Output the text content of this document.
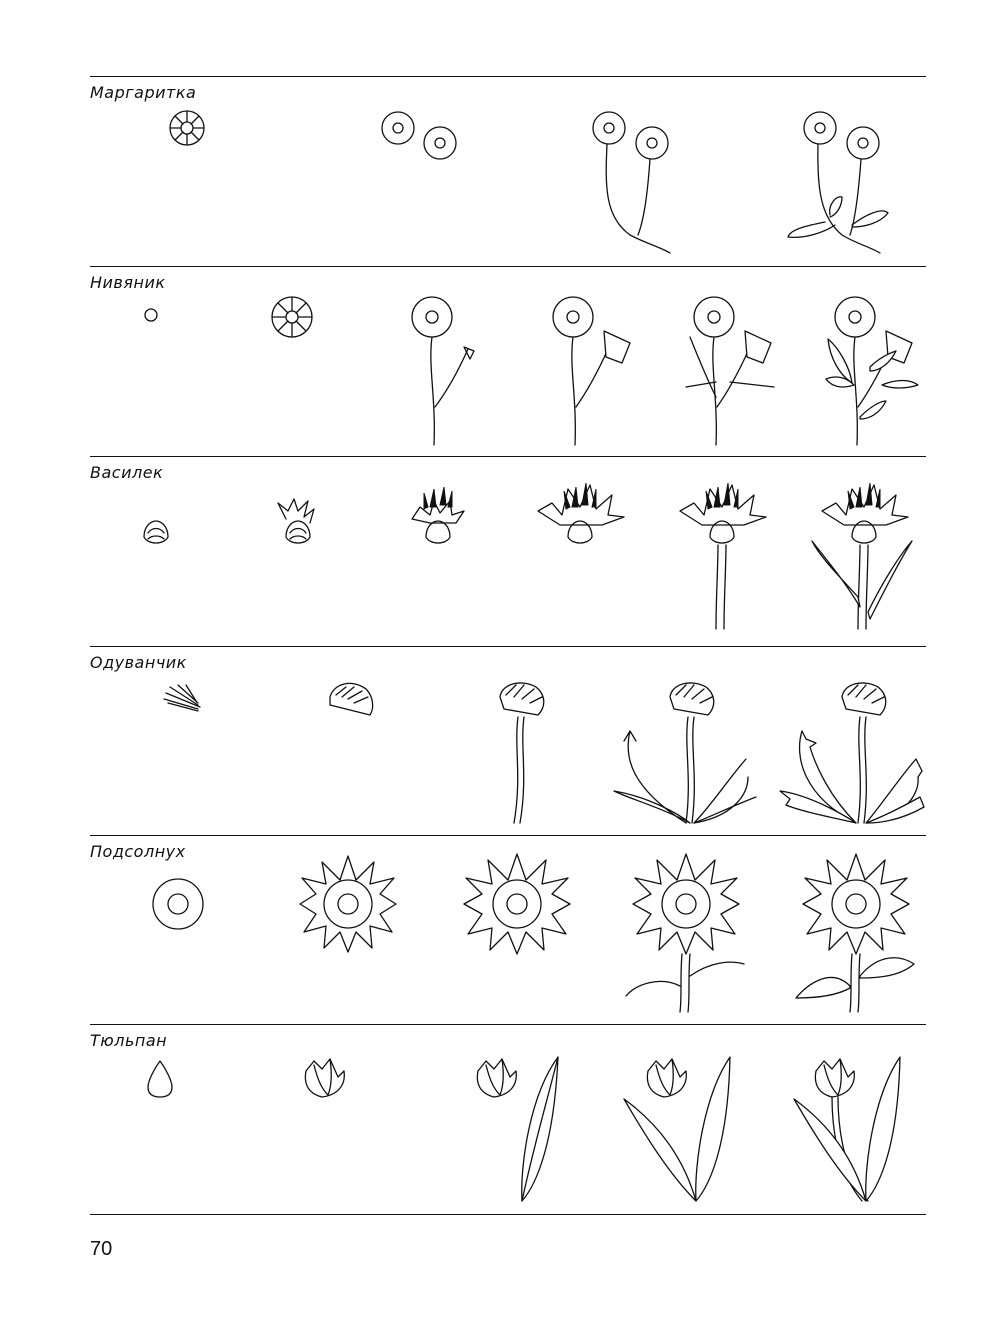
Маргаритка
Нивяник
Василек
Одуванчик
Подсолнух
Тюльпан
70
